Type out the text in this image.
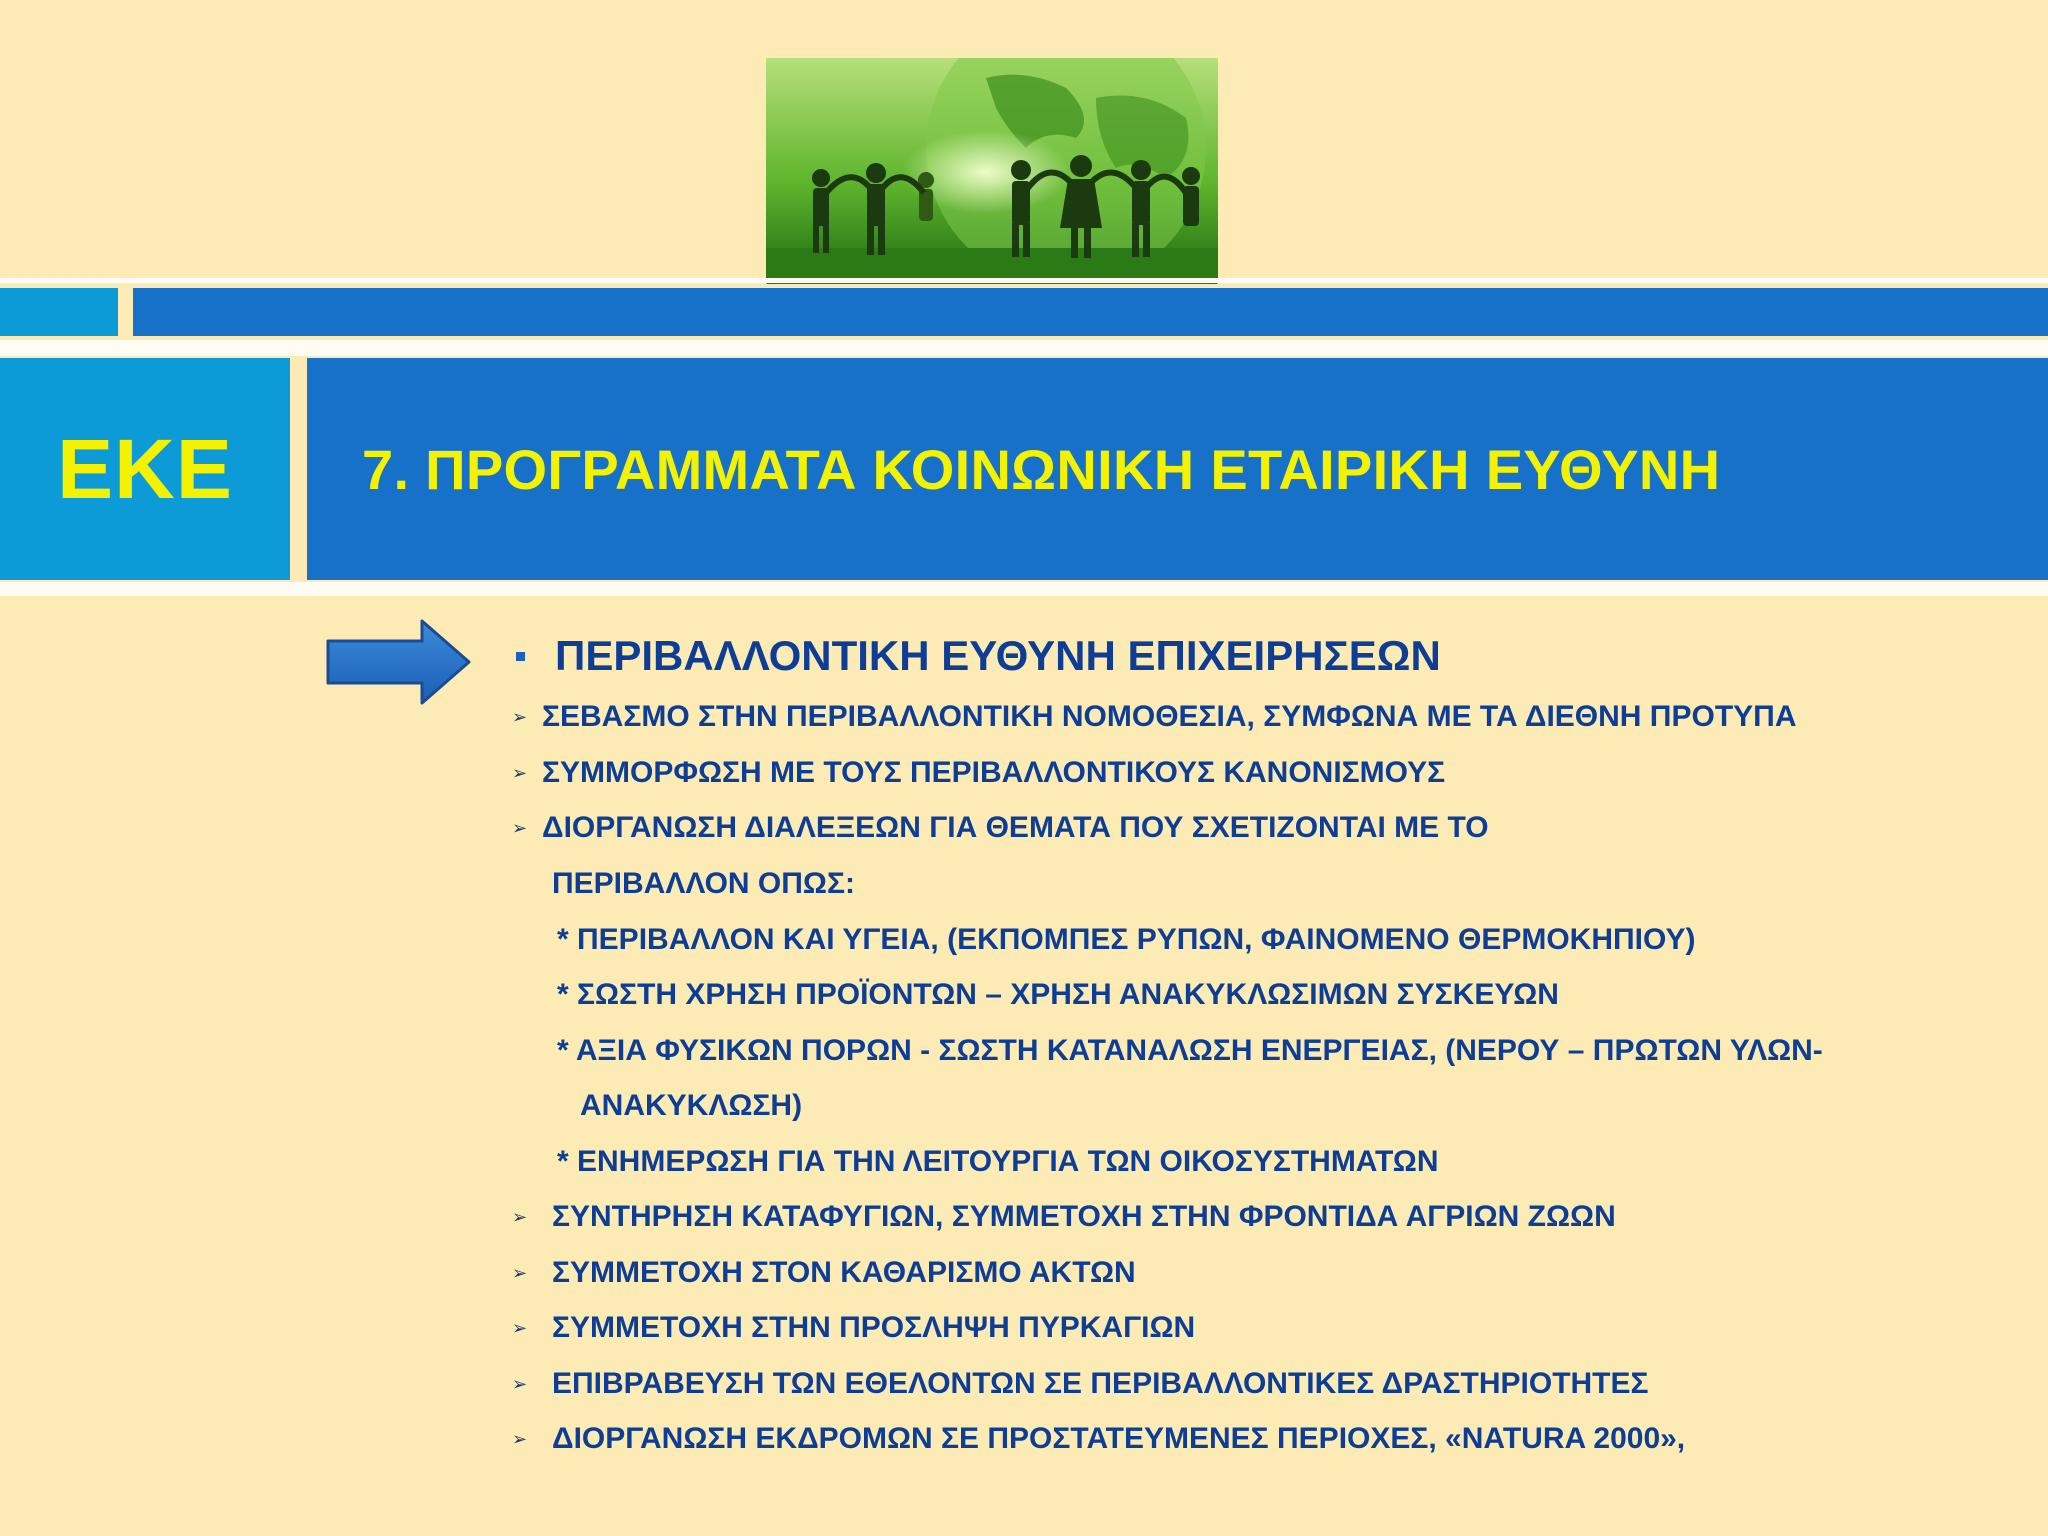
ΕΚΕ 7. ΠΡΟΓΡΑΜΜΑΤΑ ΚΟΙΝΩΝΙΚΗ ΕΤΑΙΡΙΚΗ ΕΥΘΥΝΗ
ΠΕΡΙΒΑΛΛΟΝΤΙΚΗ ΕΥΘΥΝΗ ΕΠΙΧΕΙΡΗΣΕΩΝ
➢ ΣΕΒΑΣΜΟ ΣΤΗΝ ΠΕΡΙΒΑΛΛΟΝΤΙΚΗ ΝΟΜΟΘΕΣΙΑ, ΣΥΜΦΩΝΑ ΜΕ ΤΑ ΔΙΕΘΝΗ ΠΡΟΤΥΠΑ
➢ ΣΥΜΜΟΡΦΩΣΗ ΜΕ ΤΟΥΣ ΠΕΡΙΒΑΛΛΟΝΤΙΚΟΥΣ ΚΑΝΟΝΙΣΜΟΥΣ
➢ ΔΙΟΡΓΑΝΩΣΗ ΔΙΑΛΕΞΕΩΝ ΓΙΑ ΘΕΜΑΤΑ ΠΟΥ ΣΧΕΤΙΖΟΝΤΑΙ ΜΕ ΤΟ
ΠΕΡΙΒΑΛΛΟΝ ΟΠΩΣ:
* ΠΕΡΙΒΑΛΛΟΝ ΚΑΙ ΥΓΕΙΑ, (ΕΚΠΟΜΠΕΣ ΡΥΠΩΝ, ΦΑΙΝΟΜΕΝΟ ΘΕΡΜΟΚΗΠΙΟΥ)
* ΣΩΣΤΗ ΧΡΗΣΗ ΠΡΟΪΟΝΤΩΝ – ΧΡΗΣΗ ΑΝΑΚΥΚΛΩΣΙΜΩΝ ΣΥΣΚΕΥΩΝ
* ΑΞΙΑ ΦΥΣΙΚΩΝ ΠΟΡΩΝ - ΣΩΣΤΗ ΚΑΤΑΝΑΛΩΣΗ ΕΝΕΡΓΕΙΑΣ, (ΝΕΡΟΥ – ΠΡΩΤΩΝ ΥΛΩΝ-
ΑΝΑΚΥΚΛΩΣΗ)
* ΕΝΗΜΕΡΩΣΗ ΓΙΑ ΤΗΝ ΛΕΙΤΟΥΡΓΙΑ ΤΩΝ ΟΙΚΟΣΥΣΤΗΜΑΤΩΝ
➢ ΣΥΝΤΗΡΗΣΗ ΚΑΤΑΦΥΓΙΩΝ, ΣΥΜΜΕΤΟΧΗ ΣΤΗΝ ΦΡΟΝΤΙΔΑ ΑΓΡΙΩΝ ΖΩΩΝ
➢ ΣΥΜΜΕΤΟΧΗ ΣΤΟΝ ΚΑΘΑΡΙΣΜΟ ΑΚΤΩΝ
➢ ΣΥΜΜΕΤΟΧΗ ΣΤΗΝ ΠΡΟΣΛΗΨΗ ΠΥΡΚΑΓΙΩΝ
➢ ΕΠΙΒΡΑΒΕΥΣΗ ΤΩΝ ΕΘΕΛΟΝΤΩΝ ΣΕ ΠΕΡΙΒΑΛΛΟΝΤΙΚΕΣ ΔΡΑΣΤΗΡΙΟΤΗΤΕΣ
➢ ΔΙΟΡΓΑΝΩΣΗ ΕΚΔΡΟΜΩΝ ΣΕ ΠΡΟΣΤΑΤΕΥΜΕΝΕΣ ΠΕΡΙΟΧΕΣ, «NATURA 2000»,
